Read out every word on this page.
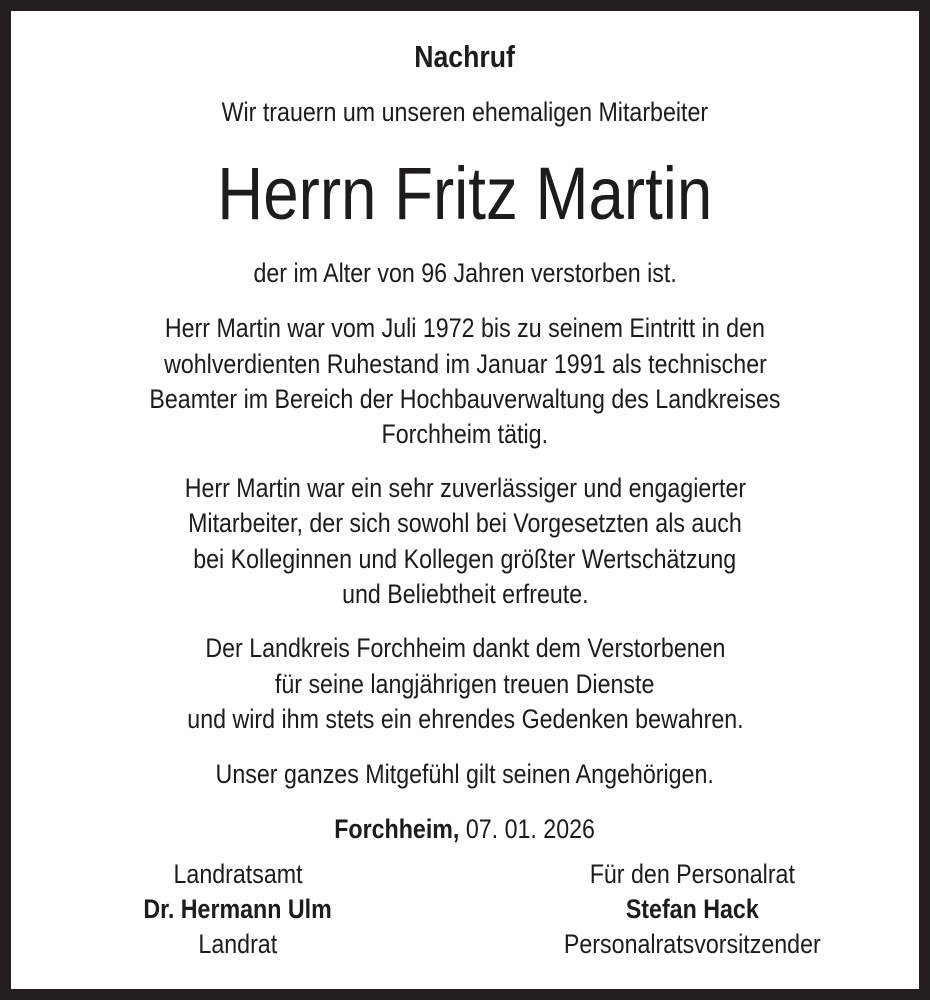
Nachruf
Wir trauern um unseren ehemaligen Mitarbeiter
Herrn Fritz Martin
der im Alter von 96 Jahren verstorben ist.
Herr Martin war vom Juli 1972 bis zu seinem Eintritt in den
wohlverdienten Ruhestand im Januar 1991 als technischer
Beamter im Bereich der Hochbauverwaltung des Landkreises
Forchheim tätig.
Herr Martin war ein sehr zuverlässiger und engagierter
Mitarbeiter, der sich sowohl bei Vorgesetzten als auch
bei Kolleginnen und Kollegen größter Wertschätzung
und Beliebtheit erfreute.
Der Landkreis Forchheim dankt dem Verstorbenen
für seine langjährigen treuen Dienste
und wird ihm stets ein ehrendes Gedenken bewahren.
Unser ganzes Mitgefühl gilt seinen Angehörigen.
Forchheim, 07. 01. 2026
Landratsamt
Dr. Hermann Ulm
Landrat
Für den Personalrat
Stefan Hack
Personalratsvorsitzender
